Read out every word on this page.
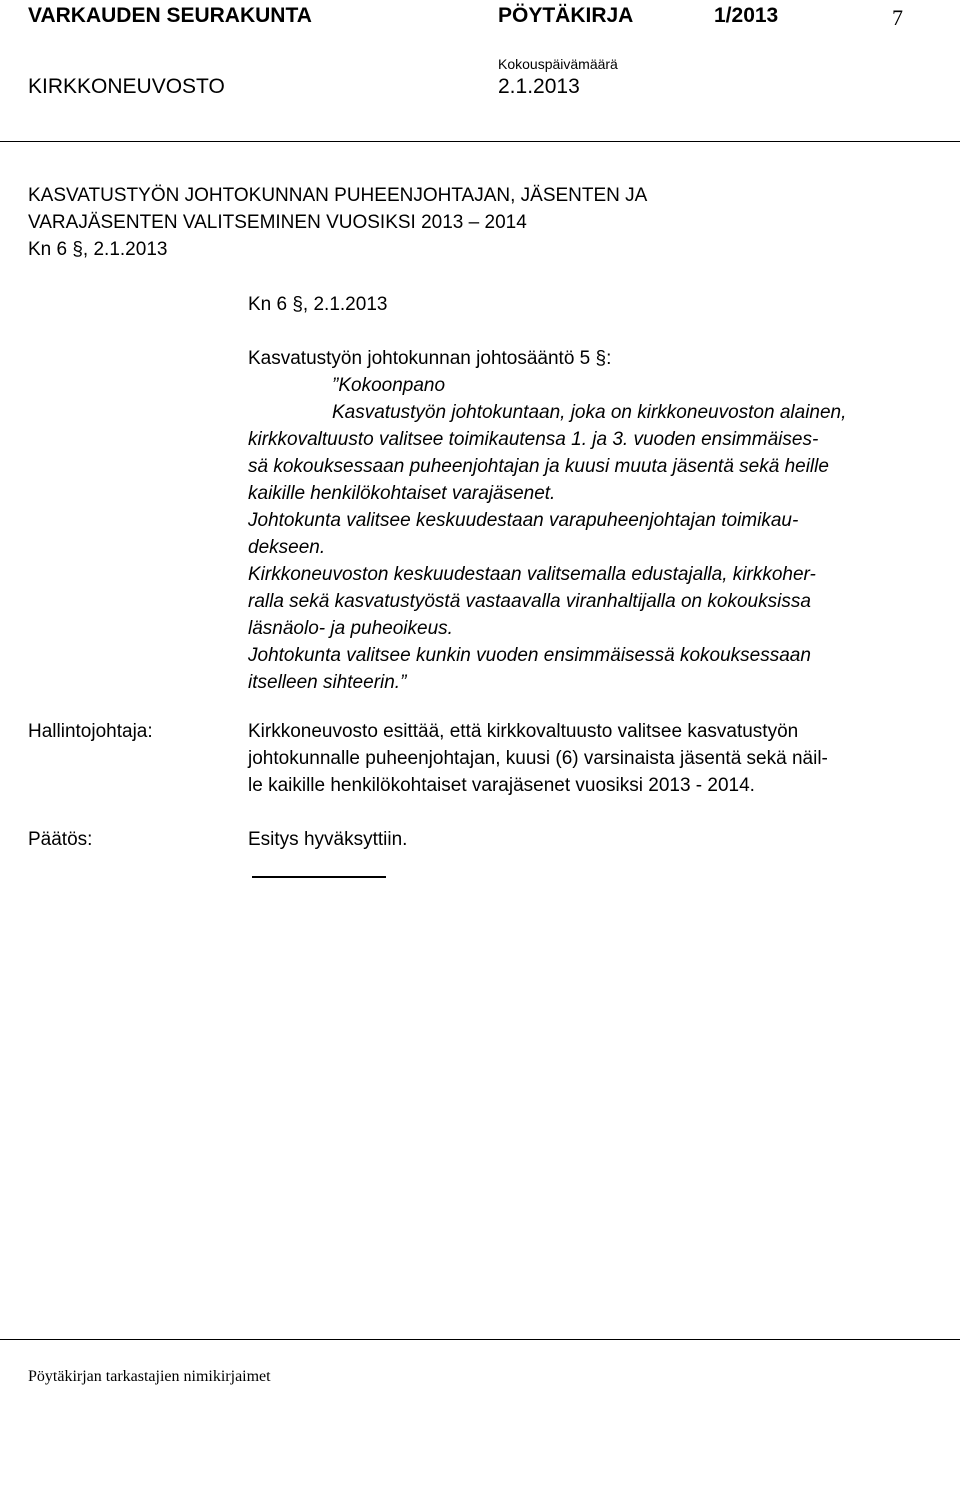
VARKAUDEN SEURAKUNTA	PÖYTÄKIRJA	1/2013	7
Kokouspäivämäärä
KIRKKONEUVOSTO	2.1.2013
KASVATUSTYÖN JOHTOKUNNAN PUHEENJOHTAJAN, JÄSENTEN JA
VARAJÄSENTEN VALITSEMINEN VUOSIKSI 2013 – 2014
Kn 6 §, 2.1.2013
Kn 6 §, 2.1.2013
Kasvatustyön johtokunnan johtosääntö 5 §:
”Kokoonpano
Kasvatustyön johtokuntaan, joka on kirkkoneuvoston alainen,
kirkkovaltuusto valitsee toimikautensa 1. ja 3. vuoden ensimmäises-
sä kokouksessaan puheenjohtajan ja kuusi muuta jäsentä sekä heille
kaikille henkilökohtaiset varajäsenet.
Johtokunta valitsee keskuudestaan varapuheenjohtajan toimikau-
dekseen.
Kirkkoneuvoston keskuudestaan valitsemalla edustajalla, kirkkoher-
ralla sekä kasvatustyöstä vastaavalla viranhaltijalla on kokouksissa
läsnäolo- ja puheoikeus.
Johtokunta valitsee kunkin vuoden ensimmäisessä kokouksessaan
itselleen sihteerin.”
Hallintojohtaja:	Kirkkoneuvosto esittää, että kirkkovaltuusto valitsee kasvatustyön
johtokunnalle puheenjohtajan, kuusi (6) varsinaista jäsentä sekä näil-
le kaikille henkilökohtaiset varajäsenet vuosiksi 2013 - 2014.
Päätös:	Esitys hyväksyttiin.
Pöytäkirjan tarkastajien nimikirjaimet
